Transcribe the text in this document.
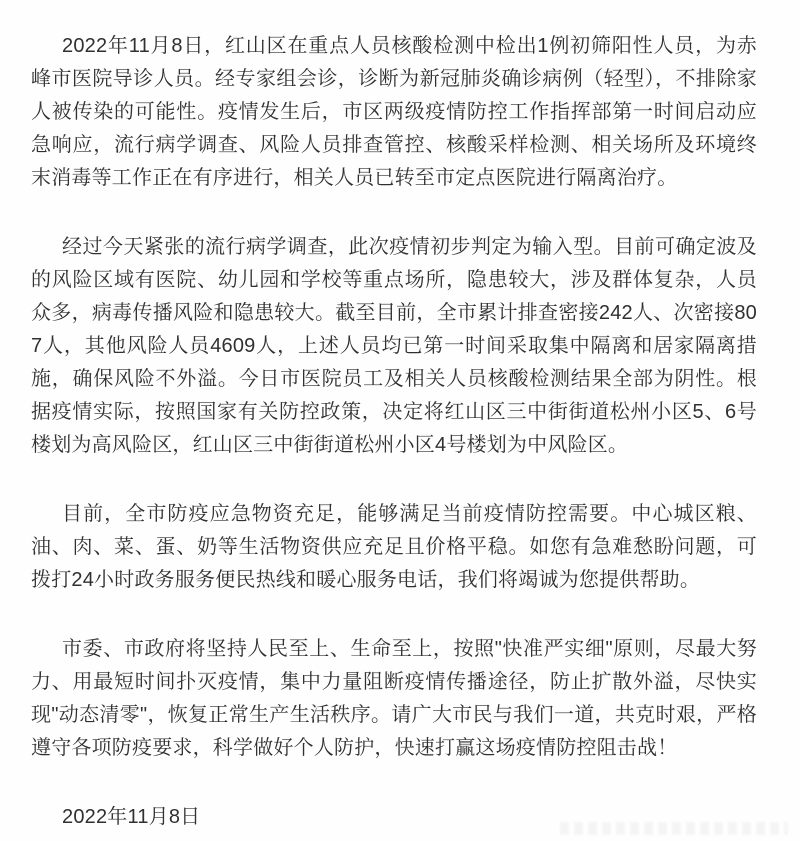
2022年11月8日，红山区在重点人员核酸检测中检出1例初筛阳性人员，为赤峰市医院导诊人员。经专家组会诊，诊断为新冠肺炎确诊病例（轻型），不排除家人被传染的可能性。疫情发生后，市区两级疫情防控工作指挥部第一时间启动应急响应，流行病学调查、风险人员排查管控、核酸采样检测、相关场所及环境终末消毒等工作正在有序进行，相关人员已转至市定点医院进行隔离治疗。

经过今天紧张的流行病学调查，此次疫情初步判定为输入型。目前可确定波及的风险区域有医院、幼儿园和学校等重点场所，隐患较大，涉及群体复杂，人员众多，病毒传播风险和隐患较大。截至目前，全市累计排查密接242人、次密接807人，其他风险人员4609人，上述人员均已第一时间采取集中隔离和居家隔离措施，确保风险不外溢。今日市医院员工及相关人员核酸检测结果全部为阴性。根据疫情实际，按照国家有关防控政策，决定将红山区三中街街道松州小区5、6号楼划为高风险区，红山区三中街街道松州小区4号楼划为中风险区。

目前，全市防疫应急物资充足，能够满足当前疫情防控需要。中心城区粮、油、肉、菜、蛋、奶等生活物资供应充足且价格平稳。如您有急难愁盼问题，可拨打24小时政务服务便民热线和暖心服务电话，我们将竭诚为您提供帮助。

市委、市政府将坚持人民至上、生命至上，按照"快准严实细"原则，尽最大努力、用最短时间扑灭疫情，集中力量阻断疫情传播途径，防止扩散外溢，尽快实现"动态清零"，恢复正常生产生活秩序。请广大市民与我们一道，共克时艰，严格遵守各项防疫要求，科学做好个人防护，快速打赢这场疫情防控阻击战！

2022年11月8日
